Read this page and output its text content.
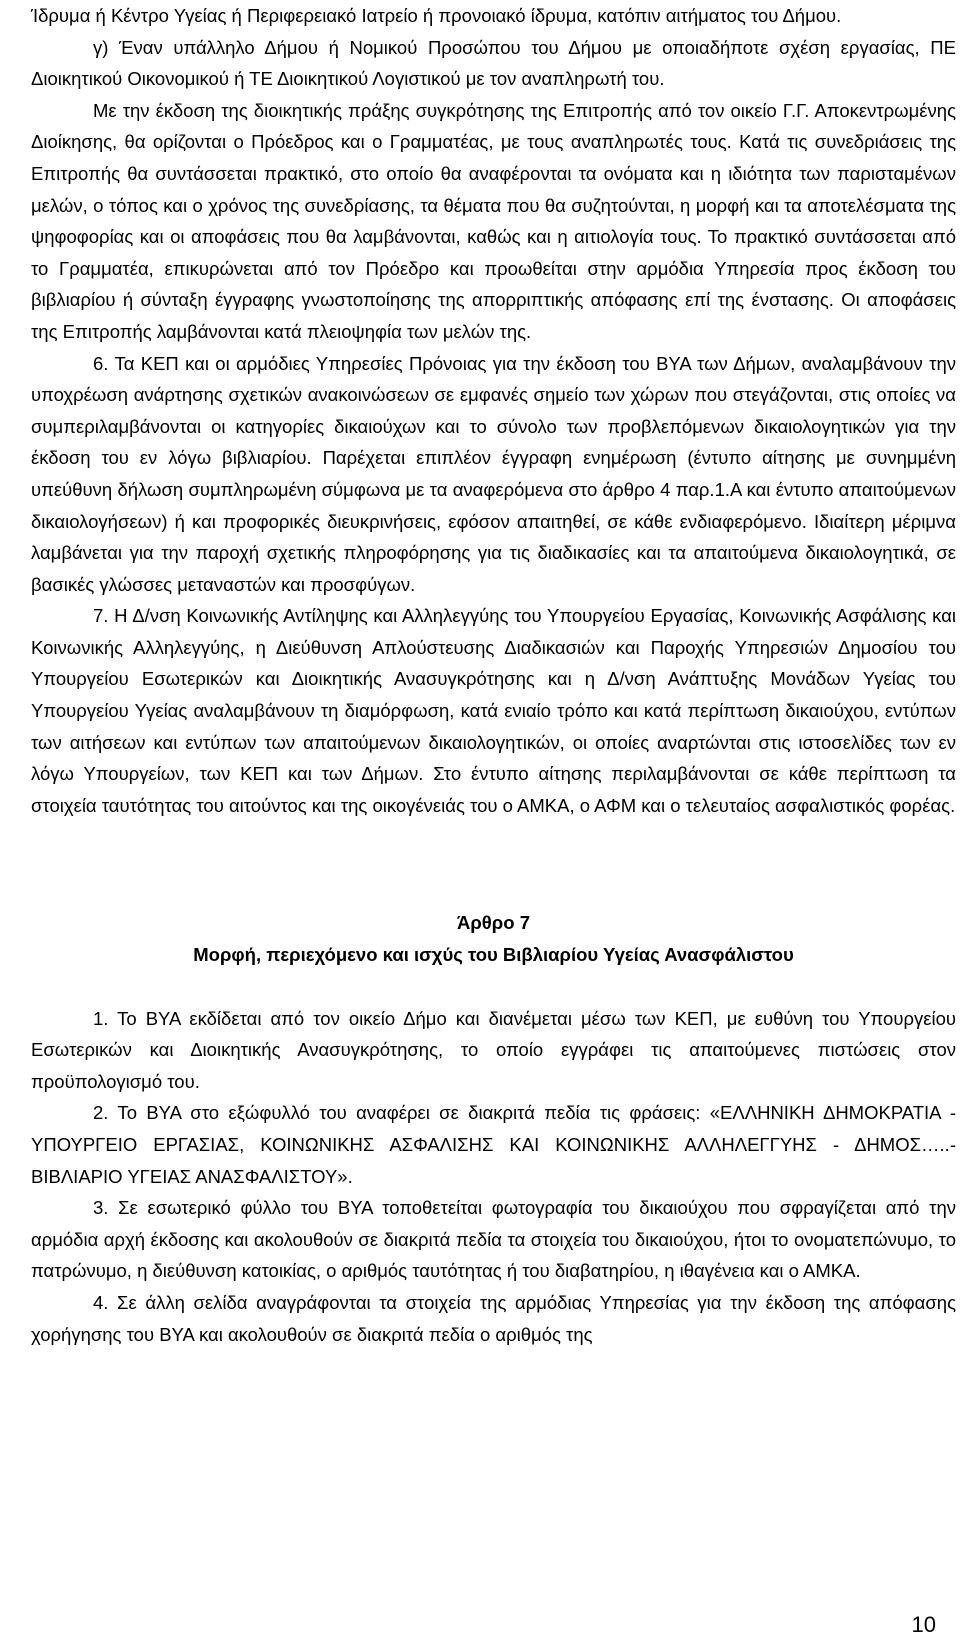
Ίδρυμα ή Κέντρο Υγείας ή Περιφερειακό Ιατρείο ή προνοιακό ίδρυμα, κατόπιν αιτήματος του Δήμου.

γ) Έναν υπάλληλο Δήμου ή Νομικού Προσώπου του Δήμου με οποιαδήποτε σχέση εργασίας, ΠΕ Διοικητικού Οικονομικού ή ΤΕ Διοικητικού Λογιστικού με τον αναπληρωτή του.

Με την έκδοση της διοικητικής πράξης συγκρότησης της Επιτροπής από τον οικείο Γ.Γ. Αποκεντρωμένης Διοίκησης, θα ορίζονται ο Πρόεδρος και ο Γραμματέας, με τους αναπληρωτές τους. Κατά τις συνεδριάσεις της Επιτροπής θα συντάσσεται πρακτικό, στο οποίο θα αναφέρονται τα ονόματα και η ιδιότητα των παρισταμένων μελών, ο τόπος και ο χρόνος της συνεδρίασης, τα θέματα που θα συζητούνται, η μορφή και τα αποτελέσματα της ψηφοφορίας και οι αποφάσεις που θα λαμβάνονται, καθώς και η αιτιολογία τους. Το πρακτικό συντάσσεται από το Γραμματέα, επικυρώνεται από τον Πρόεδρο και προωθείται στην αρμόδια Υπηρεσία προς έκδοση του βιβλιαρίου ή σύνταξη έγγραφης γνωστοποίησης της απορριπτικής απόφασης επί της ένστασης. Οι αποφάσεις της Επιτροπής λαμβάνονται κατά πλειοψηφία των μελών της.

6. Τα ΚΕΠ και οι αρμόδιες Υπηρεσίες Πρόνοιας για την έκδοση του ΒΥΑ των Δήμων, αναλαμβάνουν την υποχρέωση ανάρτησης σχετικών ανακοινώσεων σε εμφανές σημείο των χώρων που στεγάζονται, στις οποίες να συμπεριλαμβάνονται οι κατηγορίες δικαιούχων και το σύνολο των προβλεπόμενων δικαιολογητικών για την έκδοση του εν λόγω βιβλιαρίου. Παρέχεται επιπλέον έγγραφη ενημέρωση (έντυπο αίτησης με συνημμένη υπεύθυνη δήλωση συμπληρωμένη σύμφωνα με τα αναφερόμενα στο άρθρο 4 παρ.1.Α και έντυπο απαιτούμενων δικαιολογήσεων) ή και προφορικές διευκρινήσεις, εφόσον απαιτηθεί, σε κάθε ενδιαφερόμενο. Ιδιαίτερη μέριμνα λαμβάνεται για την παροχή σχετικής πληροφόρησης για τις διαδικασίες και τα απαιτούμενα δικαιολογητικά, σε βασικές γλώσσες μεταναστών και προσφύγων.

7. Η Δ/νση Κοινωνικής Αντίληψης και Αλληλεγγύης του Υπουργείου Εργασίας, Κοινωνικής Ασφάλισης και Κοινωνικής Αλληλεγγύης, η Διεύθυνση Απλούστευσης Διαδικασιών και Παροχής Υπηρεσιών Δημοσίου του Υπουργείου Εσωτερικών και Διοικητικής Ανασυγκρότησης και η Δ/νση Ανάπτυξης Μονάδων Υγείας του Υπουργείου Υγείας αναλαμβάνουν τη διαμόρφωση, κατά ενιαίο τρόπο και κατά περίπτωση δικαιούχου, εντύπων των αιτήσεων και εντύπων των απαιτούμενων δικαιολογητικών, οι οποίες αναρτώνται στις ιστοσελίδες των εν λόγω Υπουργείων, των ΚΕΠ και των Δήμων. Στο έντυπο αίτησης περιλαμβάνονται σε κάθε περίπτωση τα στοιχεία ταυτότητας του αιτούντος και της οικογένειάς του ο ΑΜΚΑ, ο ΑΦΜ και ο τελευταίος ασφαλιστικός φορέας.

Άρθρο 7

Μορφή, περιεχόμενο και ισχύς του Βιβλιαρίου Υγείας Ανασφάλιστου

1. Το ΒΥΑ εκδίδεται από τον οικείο Δήμο και διανέμεται μέσω των ΚΕΠ, με ευθύνη του Υπουργείου Εσωτερικών και Διοικητικής Ανασυγκρότησης, το οποίο εγγράφει τις απαιτούμενες πιστώσεις στον προϋπολογισμό του.

2. Το ΒΥΑ στο εξώφυλλό του αναφέρει σε διακριτά πεδία τις φράσεις: «ΕΛΛΗΝΙΚΗ ΔΗΜΟΚΡΑΤΙΑ - ΥΠΟΥΡΓΕΙΟ ΕΡΓΑΣΙΑΣ, ΚΟΙΝΩΝΙΚΗΣ ΑΣΦΑΛΙΣΗΣ ΚΑΙ ΚΟΙΝΩΝΙΚΗΣ ΑΛΛΗΛΕΓΓΥΗΣ - ΔΗΜΟΣ…..- ΒΙΒΛΙΑΡΙΟ ΥΓΕΙΑΣ ΑΝΑΣΦΑΛΙΣΤΟΥ».

3. Σε εσωτερικό φύλλο του ΒΥΑ τοποθετείται φωτογραφία του δικαιούχου που σφραγίζεται από την αρμόδια αρχή έκδοσης και ακολουθούν σε διακριτά πεδία τα στοιχεία του δικαιούχου, ήτοι το ονοματεπώνυμο, το πατρώνυμο, η διεύθυνση κατοικίας, ο αριθμός ταυτότητας ή του διαβατηρίου, η ιθαγένεια και ο ΑΜΚΑ.

4. Σε άλλη σελίδα αναγράφονται τα στοιχεία της αρμόδιας Υπηρεσίας για την έκδοση της απόφασης χορήγησης του ΒΥΑ και ακολουθούν σε διακριτά πεδία ο αριθμός της

10
